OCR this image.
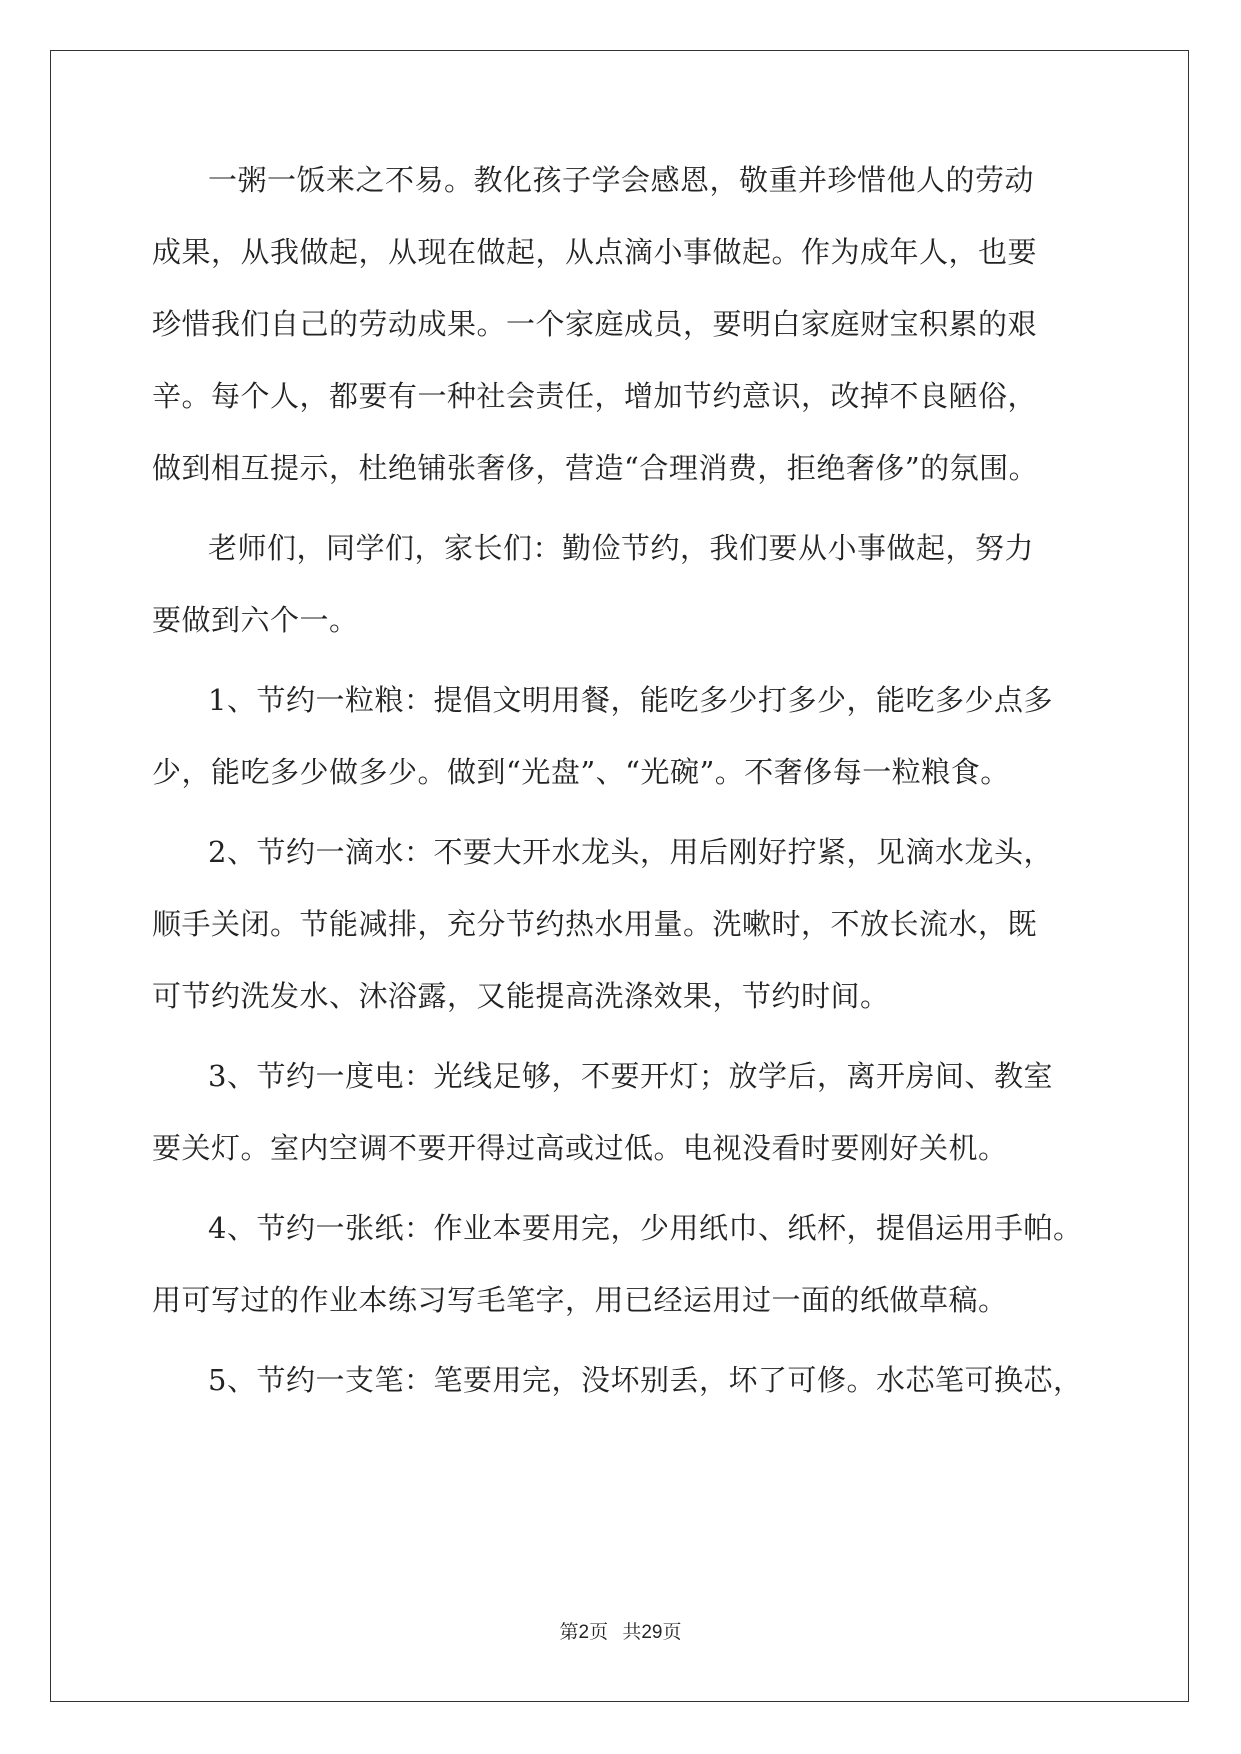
一粥一饭来之不易。教化孩子学会感恩，敬重并珍惜他人的劳动
成果，从我做起，从现在做起，从点滴小事做起。作为成年人，也要
珍惜我们自己的劳动成果。一个家庭成员，要明白家庭财宝积累的艰
辛。每个人，都要有一种社会责任，增加节约意识，改掉不良陋俗，
做到相互提示，杜绝铺张奢侈，营造“合理消费，拒绝奢侈”的氛围。
老师们，同学们，家长们：勤俭节约，我们要从小事做起，努力
要做到六个一。
1、节约一粒粮：提倡文明用餐，能吃多少打多少，能吃多少点多
少，能吃多少做多少。做到“光盘”、“光碗”。不奢侈每一粒粮食。
2、节约一滴水：不要大开水龙头，用后刚好拧紧，见滴水龙头，
顺手关闭。节能减排，充分节约热水用量。洗嗽时，不放长流水，既
可节约洗发水、沐浴露，又能提高洗涤效果，节约时间。
3、节约一度电：光线足够，不要开灯；放学后，离开房间、教室
要关灯。室内空调不要开得过高或过低。电视没看时要刚好关机。
4、节约一张纸：作业本要用完，少用纸巾、纸杯，提倡运用手帕。
用可写过的作业本练习写毛笔字，用已经运用过一面的纸做草稿。
5、节约一支笔：笔要用完，没坏别丢，坏了可修。水芯笔可换芯，
第2页 共29页
